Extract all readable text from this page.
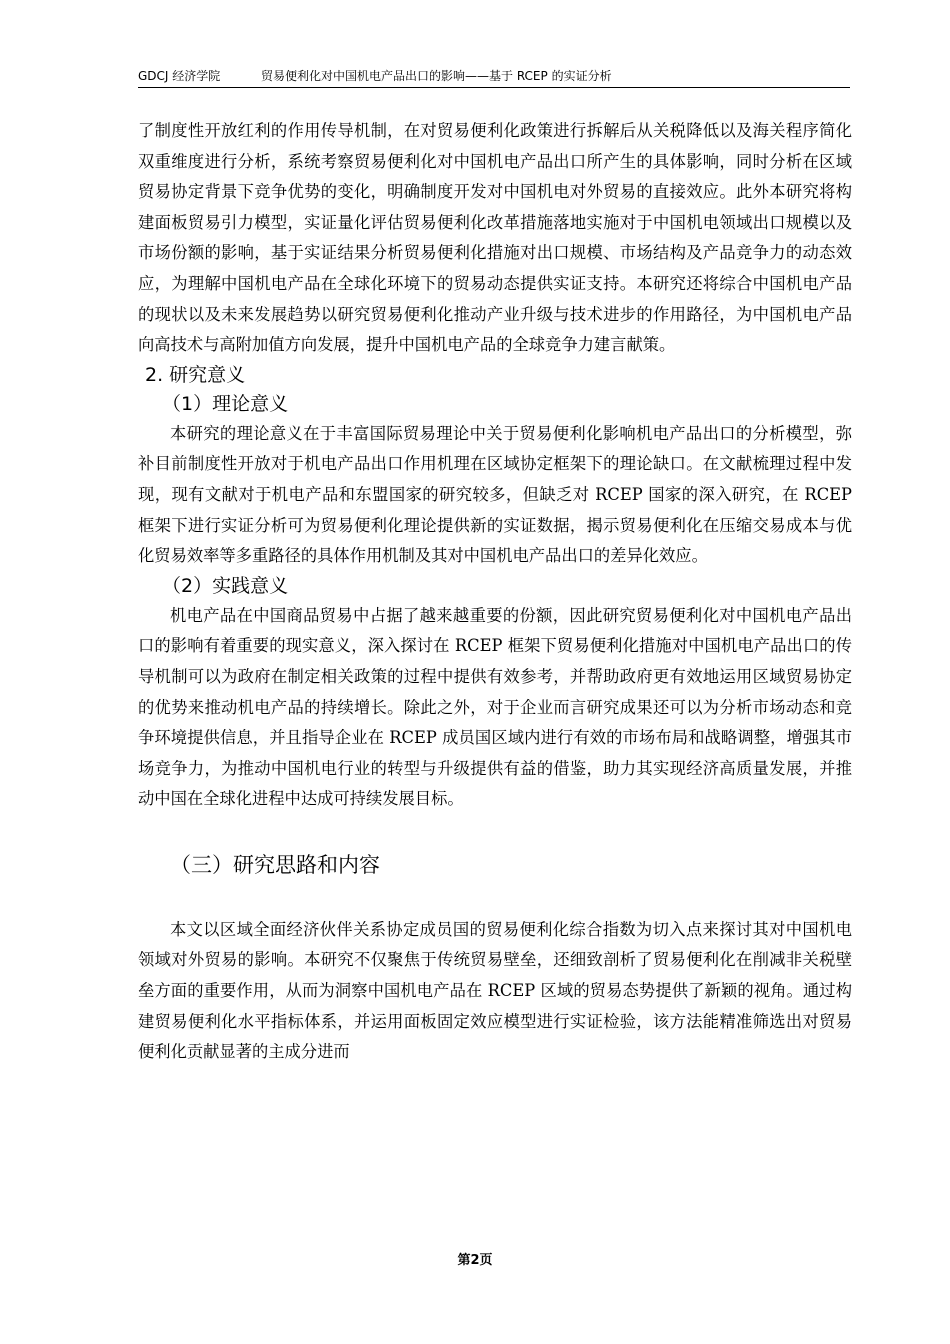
GDCJ 经济学院	贸易便利化对中国机电产品出口的影响——基于 RCEP 的实证分析

了制度性开放红利的作用传导机制，在对贸易便利化政策进行拆解后从关税降低以及海关程序简化双重维度进行分析，系统考察贸易便利化对中国机电产品出口所产生的具体影响，同时分析在区域贸易协定背景下竞争优势的变化，明确制度开发对中国机电对外贸易的直接效应。此外本研究将构建面板贸易引力模型，实证量化评估贸易便利化改革措施落地实施对于中国机电领域出口规模以及市场份额的影响，基于实证结果分析贸易便利化措施对出口规模、市场结构及产品竞争力的动态效应，为理解中国机电产品在全球化环境下的贸易动态提供实证支持。本研究还将综合中国机电产品的现状以及未来发展趋势以研究贸易便利化推动产业升级与技术进步的作用路径，为中国机电产品向高技术与高附加值方向发展，提升中国机电产品的全球竞争力建言献策。

2. 研究意义

（1）理论意义

本研究的理论意义在于丰富国际贸易理论中关于贸易便利化影响机电产品出口的分析模型，弥补目前制度性开放对于机电产品出口作用机理在区域协定框架下的理论缺口。在文献梳理过程中发现，现有文献对于机电产品和东盟国家的研究较多，但缺乏对 RCEP 国家的深入研究，在 RCEP 框架下进行实证分析可为贸易便利化理论提供新的实证数据，揭示贸易便利化在压缩交易成本与优化贸易效率等多重路径的具体作用机制及其对中国机电产品出口的差异化效应。

（2）实践意义

机电产品在中国商品贸易中占据了越来越重要的份额，因此研究贸易便利化对中国机电产品出口的影响有着重要的现实意义，深入探讨在 RCEP 框架下贸易便利化措施对中国机电产品出口的传导机制可以为政府在制定相关政策的过程中提供有效参考，并帮助政府更有效地运用区域贸易协定的优势来推动机电产品的持续增长。除此之外，对于企业而言研究成果还可以为分析市场动态和竞争环境提供信息，并且指导企业在 RCEP 成员国区域内进行有效的市场布局和战略调整，增强其市场竞争力，为推动中国机电行业的转型与升级提供有益的借鉴，助力其实现经济高质量发展，并推动中国在全球化进程中达成可持续发展目标。

（三）研究思路和内容

本文以区域全面经济伙伴关系协定成员国的贸易便利化综合指数为切入点来探讨其对中国机电领域对外贸易的影响。本研究不仅聚焦于传统贸易壁垒，还细致剖析了贸易便利化在削减非关税壁垒方面的重要作用，从而为洞察中国机电产品在 RCEP 区域的贸易态势提供了新颖的视角。通过构建贸易便利化水平指标体系，并运用面板固定效应模型进行实证检验，该方法能精准筛选出对贸易便利化贡献显著的主成分进而

第2页
